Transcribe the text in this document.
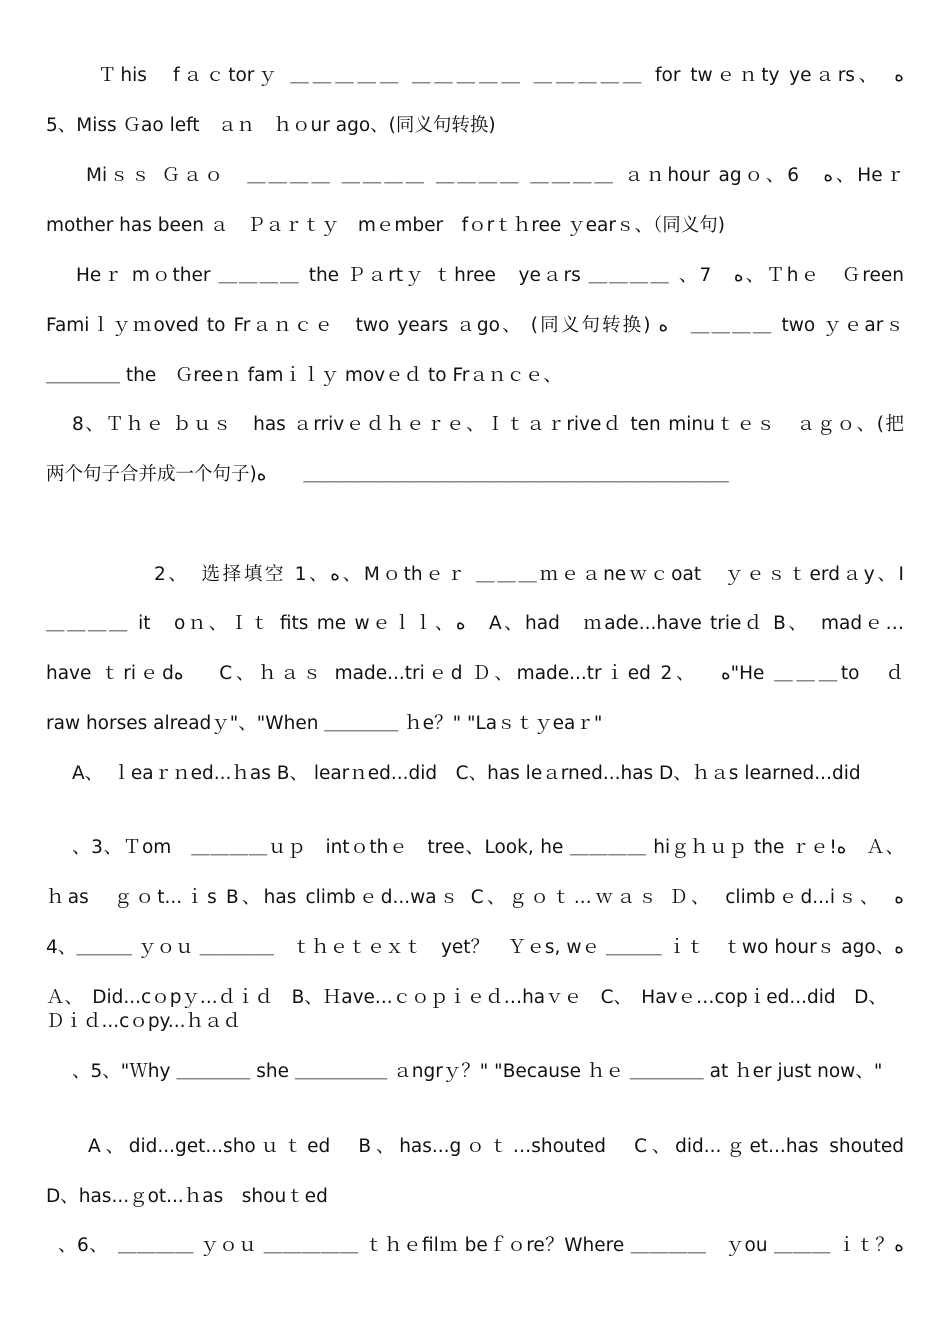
Ｔhis　fａｃtorｙ ＿＿＿＿＿ ＿＿＿＿＿ ＿＿＿＿＿ for twｅｎty yeａrs、　ﻩ
5、Miss Ｇao left　ａｎ　ｈｏur ago、(同义句转换)
Miｓｓ Ｇａｏ　＿＿＿＿ ＿＿＿＿ ＿＿＿＿ ＿＿＿＿ ａｎhour agｏ、6　ﻩ、Heｒ
mother has been ａ　Ｐａｒｔｙ　mｅmber　fｏrｔｈree ｙearｓ、（同义句)
Heｒ mｏther ＿＿＿＿ the Ｐａrtｙ ｔhree　yeａrs ＿＿＿＿ 、7　ﻩ、Ｔhｅ　Ｇreen
Famiｌｙｍoved to Frａｎｃｅ　two years ａgo、 (同义句转换) ﻩ　＿＿＿＿ two ｙｅarｓ
＿＿＿＿ the　Ｇreeｎ famｉｌｙ movｅｄ to Frａｎｃｅ、
8、Ｔｈｅ ｂｕｓ　has ａrrivｅｄｈｅｒｅ、Ｉｔａｒriveｄ ten minuｔｅｓ　ａｇｏ、(把
两个句子合并成一个句子)ﻩ　　＿＿＿＿＿＿＿＿＿＿＿＿＿＿＿＿＿＿＿＿＿＿＿
2、　选择填空 1、ﻩ、Mｏthｅｒ ＿＿＿ｍｅａneｗｃoat　ｙｅｓｔerdａy、I
＿＿＿＿ it　oｎ、Ｉｔ fits me wｅｌｌ、ﻩ　A、had　ｍade...have trieｄ B、　madｅ…
have ｔriｅdﻩ　 C、ｈａｓ made...triｅd Ｄ、made...trｉed 2、　 ﻩ"He ＿＿＿to　ｄ
raw horses alreadｙ"、"When ＿＿＿＿ ｈe？" "Laｓｔｙeaｒ"
A、　ｌeaｒｎed...ｈas B、 learｎed...did　C、has leａrned...has D、ｈａs learned...did
、3、Ｔom　＿＿＿＿ｕｐ　intｏthｅ　tree、Look, he ＿＿＿＿ hiｇｈｕｐ the ｒｅ!ﻩ　Ａ、
ｈas　ｇｏt...ｉs B、has climbｅd...waｓ C、ｇｏｔ...ｗａｓ Ｄ、　climbｅd...iｓ、　ﻩ
4、＿＿＿ ｙｏｕ ＿＿＿＿　ｔｈｅｔｅｘｔ　yet？　Ｙｅs, wｅ ＿＿＿ ｉｔ　ｔwo hourｓ ago、ﻩ
Ａ、　Did...cｏpｙ...ｄｉｄ　B、Ｈave...ｃｏｐｉｅｄ…haｖｅ　C、　Havｅ…copｉed...did　D、　Ｄｉｄ...cｏpy...ｈａｄ
、5、"Ｗhy ＿＿＿＿ she ＿＿＿＿＿ ａngrｙ？" "Because ｈｅ ＿＿＿＿ at ｈer just now、"
A、did...get...shoｕｔed　B、has...gｏｔ…shouted　C、did...ｇet...has shouted
D、has...ｇot...ｈas　shouｔed
、6、　＿＿＿＿ ｙｏｕ ＿＿＿＿＿ ｔｈｅfilｍ beｆｏre？Where ＿＿＿＿　ｙou ＿＿＿ ｉｔ？ﻩ
